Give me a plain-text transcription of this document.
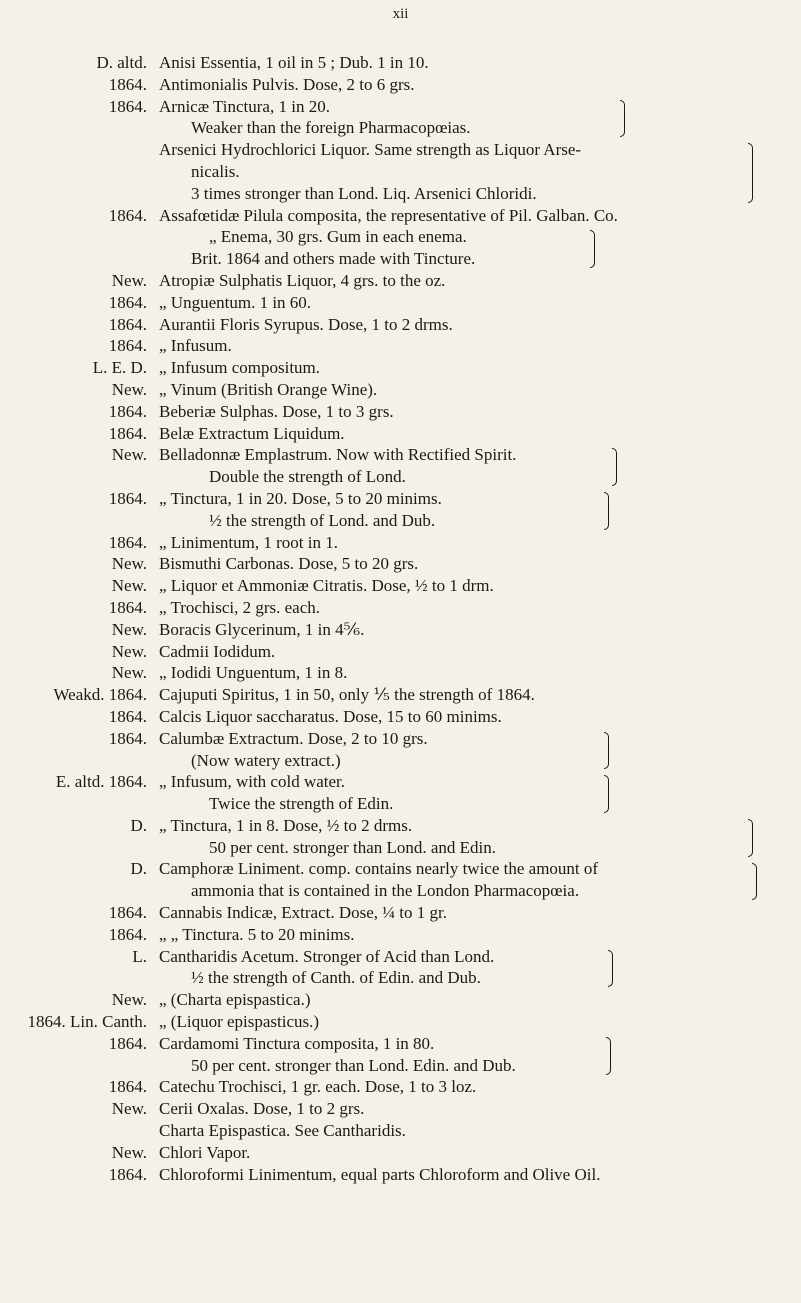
xii
D. altd. Anisi Essentia, 1 oil in 5 ; Dub. 1 in 10.
1864. Antimonialis Pulvis. Dose, 2 to 6 grs.
1864. Arnicæ Tinctura, 1 in 20.
Weaker than the foreign Pharmacopœias.
Arsenici Hydrochlorici Liquor. Same strength as Liquor Arse-
nicalis.
3 times stronger than Lond. Liq. Arsenici Chloridi.
1864. Assafœtidæ Pilula composita, the representative of Pil. Galban. Co.
„ Enema, 30 grs. Gum in each enema.
Brit. 1864 and others made with Tincture.
New. Atropiæ Sulphatis Liquor, 4 grs. to the oz.
1864. „ Unguentum. 1 in 60.
1864. Aurantii Floris Syrupus. Dose, 1 to 2 drms.
1864. „ Infusum.
L. E. D. „ Infusum compositum.
New. „ Vinum (British Orange Wine).
1864. Beberiæ Sulphas. Dose, 1 to 3 grs.
1864. Belæ Extractum Liquidum.
New. Belladonnæ Emplastrum. Now with Rectified Spirit.
Double the strength of Lond.
1864. „ Tinctura, 1 in 20. Dose, 5 to 20 minims.
½ the strength of Lond. and Dub.
1864. „ Linimentum, 1 root in 1.
New. Bismuthi Carbonas. Dose, 5 to 20 grs.
New. „ Liquor et Ammoniæ Citratis. Dose, ½ to 1 drm.
1864. „ Trochisci, 2 grs. each.
New. Boracis Glycerinum, 1 in 4⅚.
New. Cadmii Iodidum.
New. „ Iodidi Unguentum, 1 in 8.
Weakd. 1864. Cajuputi Spiritus, 1 in 50, only ⅕ the strength of 1864.
1864. Calcis Liquor saccharatus. Dose, 15 to 60 minims.
1864. Calumbæ Extractum. Dose, 2 to 10 grs.
(Now watery extract.)
E. altd. 1864. „ Infusum, with cold water.
Twice the strength of Edin.
D. „ Tinctura, 1 in 8. Dose, ½ to 2 drms.
50 per cent. stronger than Lond. and Edin.
D. Camphoræ Liniment. comp. contains nearly twice the amount of
ammonia that is contained in the London Pharmacopœia.
1864. Cannabis Indicæ, Extract. Dose, ¼ to 1 gr.
1864. „ „ Tinctura. 5 to 20 minims.
L. Cantharidis Acetum. Stronger of Acid than Lond.
½ the strength of Canth. of Edin. and Dub.
New. „ (Charta epispastica.)
1864. Lin. Canth. „ (Liquor epispasticus.)
1864. Cardamomi Tinctura composita, 1 in 80.
50 per cent. stronger than Lond. Edin. and Dub.
1864. Catechu Trochisci, 1 gr. each. Dose, 1 to 3 loz.
New. Cerii Oxalas. Dose, 1 to 2 grs.
Charta Epispastica. See Cantharidis.
New. Chlori Vapor.
1864. Chloroformi Linimentum, equal parts Chloroform and Olive Oil.
